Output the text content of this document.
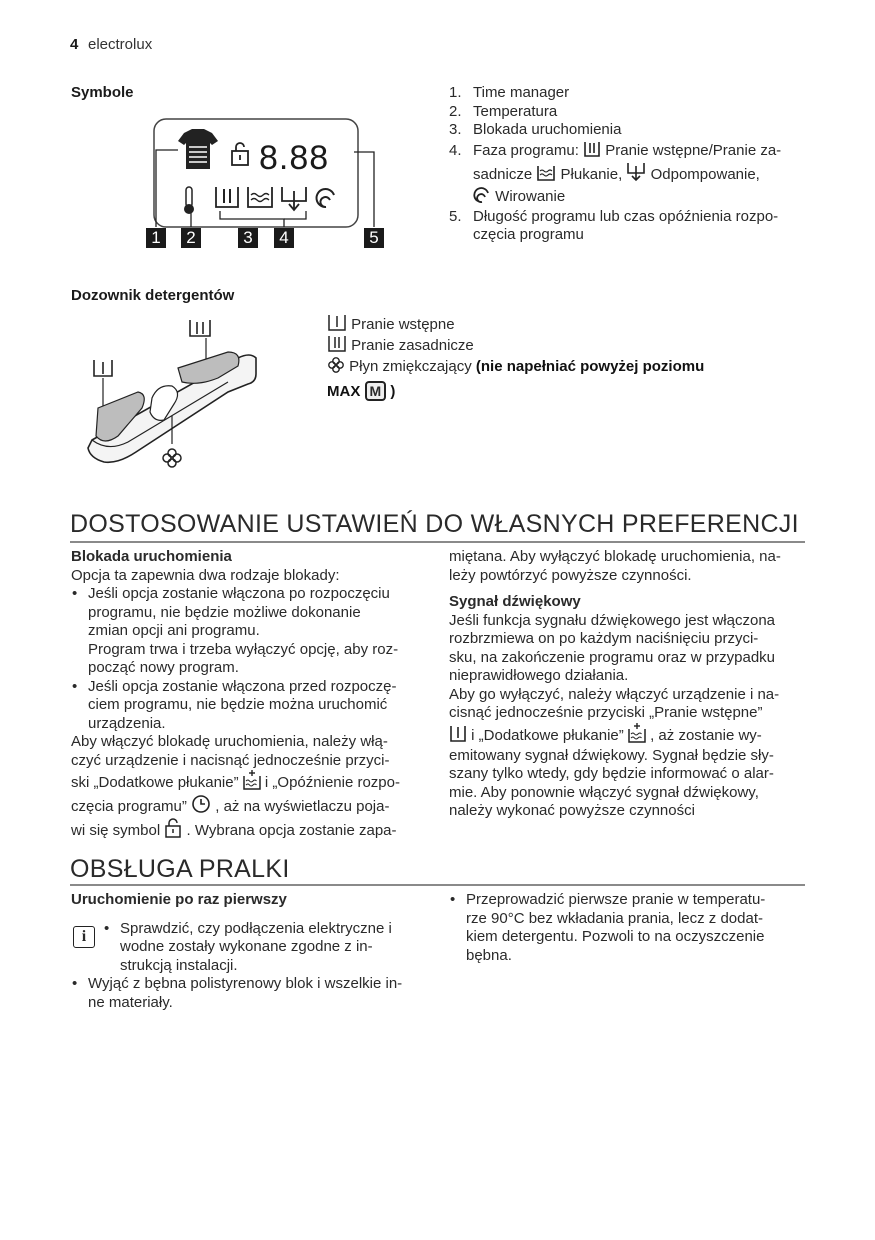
4 electrolux
Symbole
8.88
1	2	3	4	5
1. Time manager
2. Temperatura
3. Blokada uruchomienia
4. Faza programu: Pranie wstępne/Pranie za-
sadnicze Płukanie, Odpompowanie,
Wirowanie
5. Długość programu lub czas opóźnienia rozpo-
częcia programu
Dozownik detergentów
Pranie wstępne
Pranie zasadnicze
Płyn zmiękczający (nie napełniać powyżej poziomu
MAX M )
DOSTOSOWANIE USTAWIEŃ DO WŁASNYCH PREFERENCJI
Blokada uruchomienia
Opcja ta zapewnia dwa rodzaje blokady:
• Jeśli opcja zostanie włączona po rozpoczęciu
programu, nie będzie możliwe dokonanie
zmian opcji ani programu.
Program trwa i trzeba wyłączyć opcję, aby roz-
począć nowy program.
• Jeśli opcja zostanie włączona przed rozpoczę-
ciem programu, nie będzie można uruchomić
urządzenia.
Aby włączyć blokadę uruchomienia, należy włą-
czyć urządzenie i nacisnąć jednocześnie przyci-
ski „Dodatkowe płukanie” i „Opóźnienie rozpo-
częcia programu” , aż na wyświetlaczu poja-
wi się symbol . Wybrana opcja zostanie zapa-
miętana. Aby wyłączyć blokadę uruchomienia, na-
leży powtórzyć powyższe czynności.
Sygnał dźwiękowy
Jeśli funkcja sygnału dźwiękowego jest włączona
rozbrzmiewa on po każdym naciśnięciu przyci-
sku, na zakończenie programu oraz w przypadku
nieprawidłowego działania.
Aby go wyłączyć, należy włączyć urządzenie i na-
cisnąć jednocześnie przyciski „Pranie wstępne”
i „Dodatkowe płukanie” , aż zostanie wy-
emitowany sygnał dźwiękowy. Sygnał będzie sły-
szany tylko wtedy, gdy będzie informować o alar-
mie. Aby ponownie włączyć sygnał dźwiękowy,
należy wykonać powyższe czynności
OBSŁUGA PRALKI
Uruchomienie po raz pierwszy
i
•	Sprawdzić, czy podłączenia elektryczne i
wodne zostały wykonane zgodne z in-
strukcją instalacji.
• Wyjąć z bębna polistyrenowy blok i wszelkie in-
ne materiały.
• Przeprowadzić pierwsze pranie w temperatu-
rze 90°C bez wkładania prania, lecz z dodat-
kiem detergentu. Pozwoli to na oczyszczenie
bębna.
